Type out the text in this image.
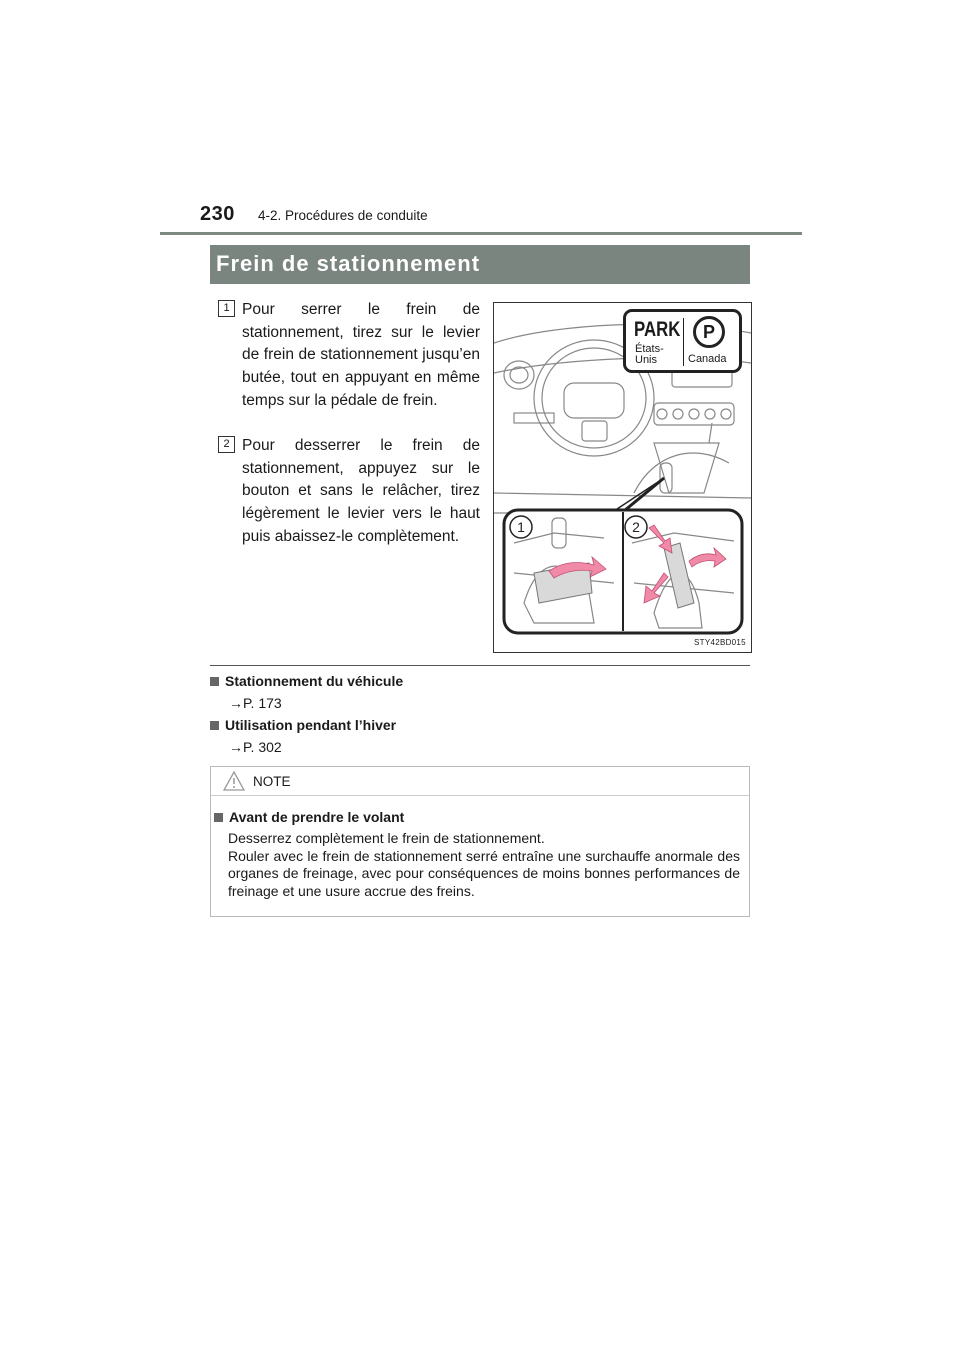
230 4-2. Procédures de conduite
Frein de stationnement
1 Pour serrer le frein de stationnement, tirez sur le levier de frein de stationnement jusqu’en butée, tout en appuyant en même temps sur la pédale de frein.
2 Pour desserrer le frein de stationnement, appuyez sur le bouton et sans le relâcher, tirez légèrement le levier vers le haut puis abaissez-le complètement.
1	2
PARK	P
États-
Unis	Canada
STY42BD015
Stationnement du véhicule
→P. 173
Utilisation pendant l’hiver
→P. 302
NOTE
Avant de prendre le volant

Desserrez complètement le frein de stationnement.

Rouler avec le frein de stationnement serré entraîne une surchauffe anormale des organes de freinage, avec pour conséquences de moins bonnes performances de freinage et une usure accrue des freins.
